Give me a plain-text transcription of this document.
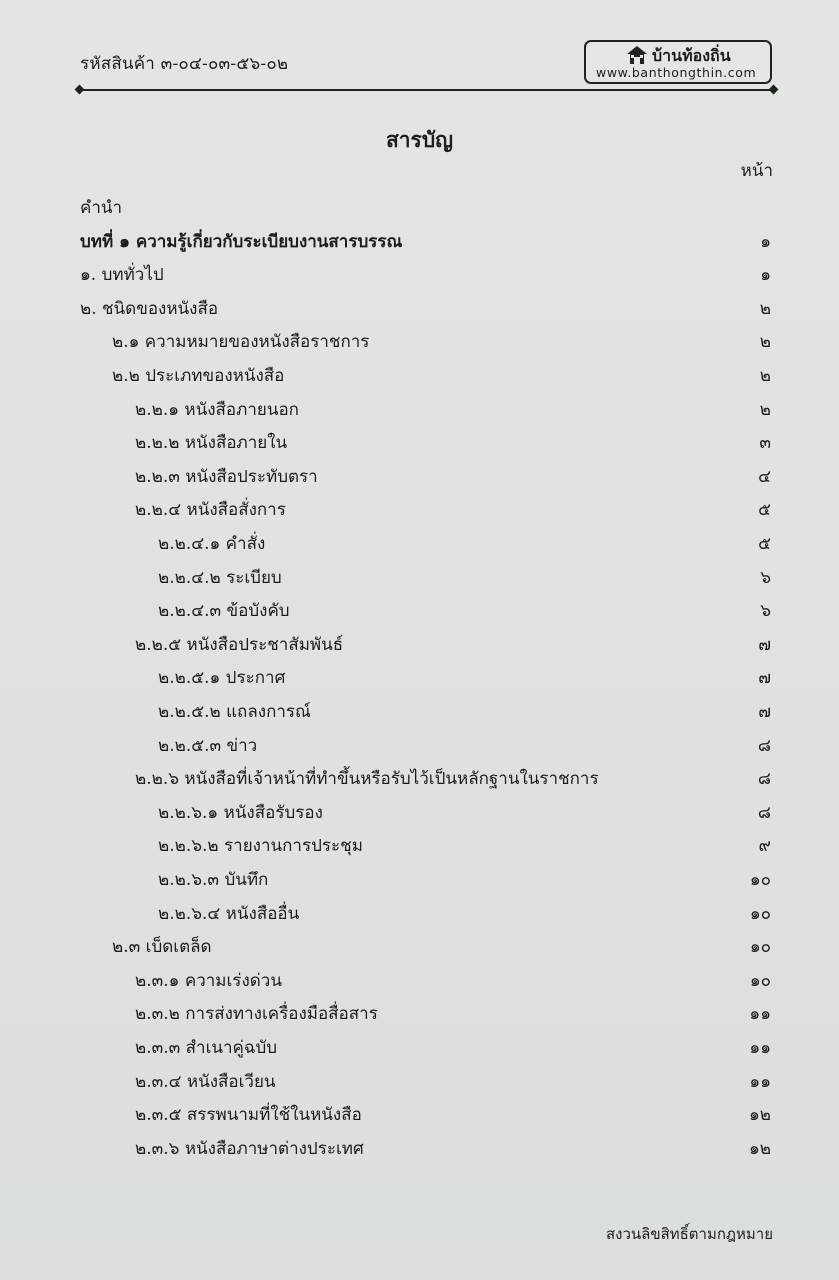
รหัสสินค้า ๓-๐๔-๐๓-๕๖-๐๒	บ้านท้องถิ่น
www.banthongthin.com
สารบัญ
หน้า
คำนำ
บทที่ ๑ ความรู้เกี่ยวกับระเบียบงานสารบรรณ	๑
๑. บททั่วไป	๑
๒. ชนิดของหนังสือ	๒
๒.๑ ความหมายของหนังสือราชการ	๒
๒.๒ ประเภทของหนังสือ	๒
๒.๒.๑ หนังสือภายนอก	๒
๒.๒.๒ หนังสือภายใน	๓
๒.๒.๓ หนังสือประทับตรา	๔
๒.๒.๔ หนังสือสั่งการ	๕
๒.๒.๔.๑ คำสั่ง	๕
๒.๒.๔.๒ ระเบียบ	๖
๒.๒.๔.๓ ข้อบังคับ	๖
๒.๒.๕ หนังสือประชาสัมพันธ์	๗
๒.๒.๕.๑ ประกาศ	๗
๒.๒.๕.๒ แถลงการณ์	๗
๒.๒.๕.๓ ข่าว	๘
๒.๒.๖ หนังสือที่เจ้าหน้าที่ทำขึ้นหรือรับไว้เป็นหลักฐานในราชการ	๘
๒.๒.๖.๑ หนังสือรับรอง	๘
๒.๒.๖.๒ รายงานการประชุม	๙
๒.๒.๖.๓ บันทึก	๑๐
๒.๒.๖.๔ หนังสืออื่น	๑๐
๒.๓ เบ็ดเตล็ด	๑๐
๒.๓.๑ ความเร่งด่วน	๑๐
๒.๓.๒ การส่งทางเครื่องมือสื่อสาร	๑๑
๒.๓.๓ สำเนาคู่ฉบับ	๑๑
๒.๓.๔ หนังสือเวียน	๑๑
๒.๓.๕ สรรพนามที่ใช้ในหนังสือ	๑๒
๒.๓.๖ หนังสือภาษาต่างประเทศ	๑๒
สงวนลิขสิทธิ์ตามกฎหมาย
